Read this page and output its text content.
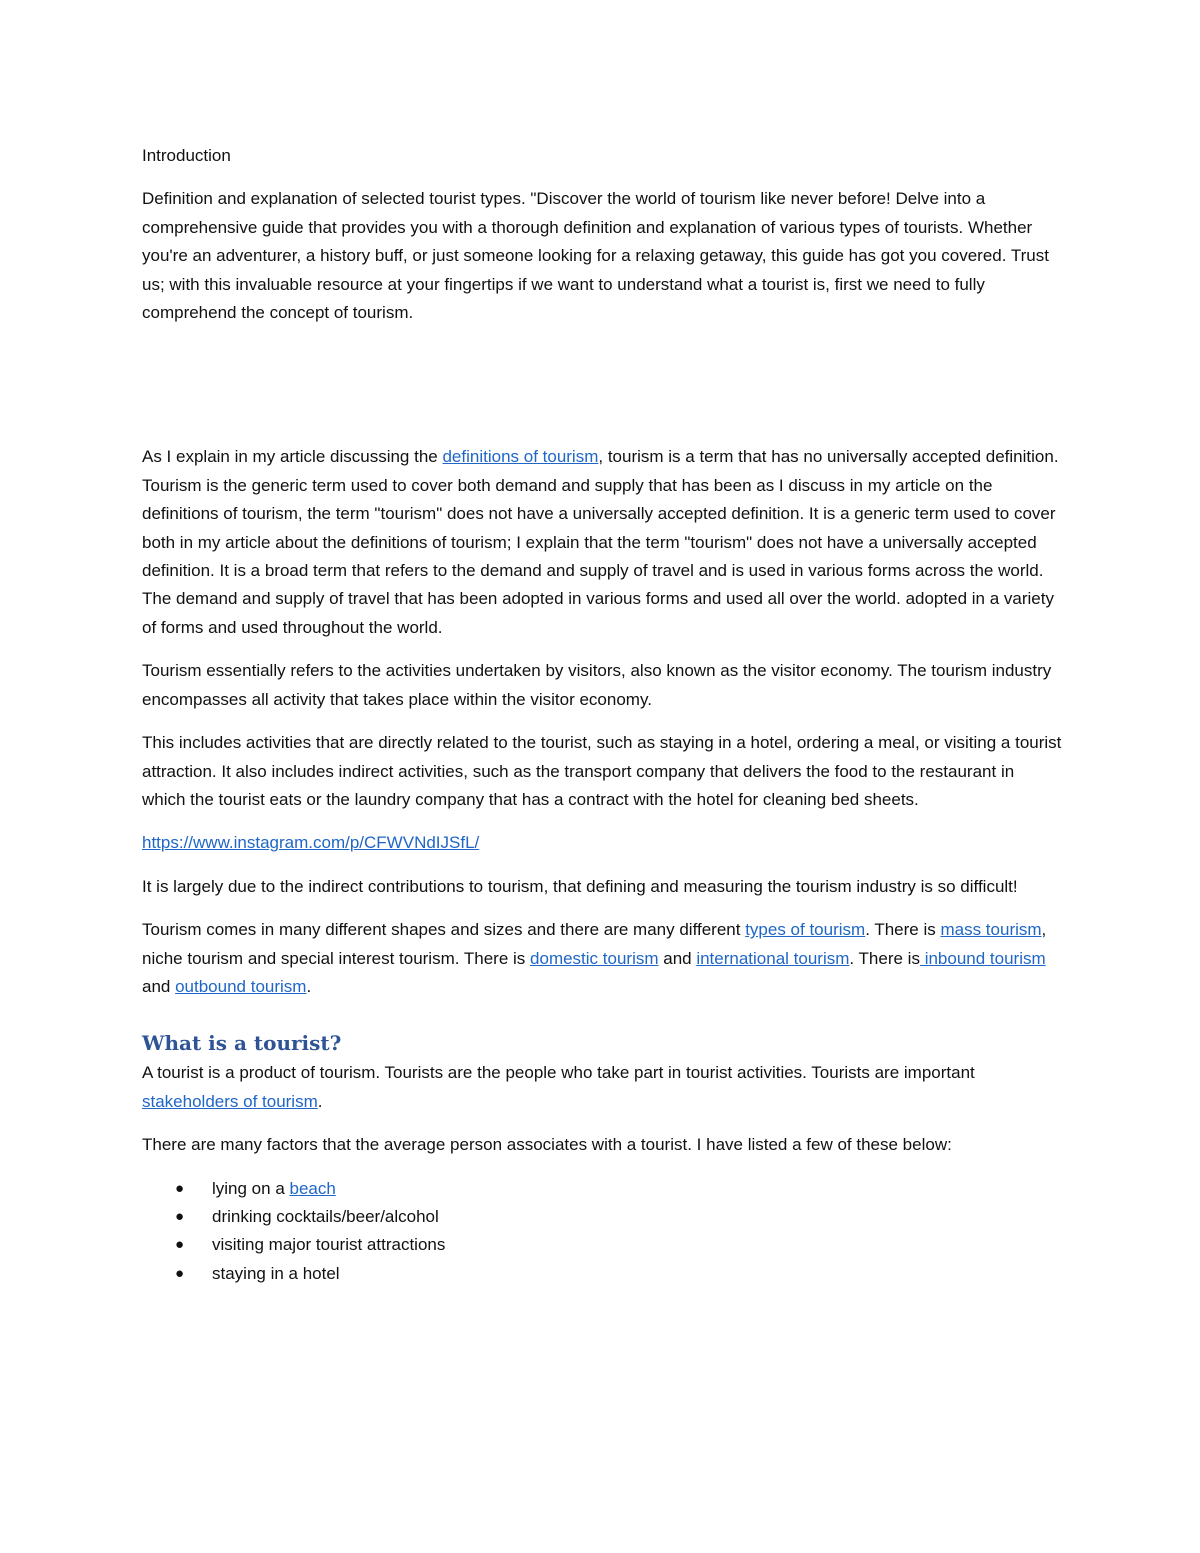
Introduction

Definition and explanation of selected tourist types. "Discover the world of tourism like never before! Delve into a comprehensive guide that provides you with a thorough definition and explanation of various types of tourists. Whether you're an adventurer, a history buff, or just someone looking for a relaxing getaway, this guide has got you covered. Trust us; with this invaluable resource at your fingertips if we want to understand what a tourist is, first we need to fully comprehend the concept of tourism.

As I explain in my article discussing the definitions of tourism, tourism is a term that has no universally accepted definition. Tourism is the generic term used to cover both demand and supply that has been as I discuss in my article on the definitions of tourism, the term "tourism" does not have a universally accepted definition. It is a generic term used to cover both in my article about the definitions of tourism; I explain that the term "tourism" does not have a universally accepted definition. It is a broad term that refers to the demand and supply of travel and is used in various forms across the world. The demand and supply of travel that has been adopted in various forms and used all over the world. adopted in a variety of forms and used throughout the world.

Tourism essentially refers to the activities undertaken by visitors, also known as the visitor economy. The tourism industry encompasses all activity that takes place within the visitor economy.

This includes activities that are directly related to the tourist, such as staying in a hotel, ordering a meal, or visiting a tourist attraction. It also includes indirect activities, such as the transport company that delivers the food to the restaurant in which the tourist eats or the laundry company that has a contract with the hotel for cleaning bed sheets.

https://www.instagram.com/p/CFWVNdIJSfL/

It is largely due to the indirect contributions to tourism, that defining and measuring the tourism industry is so difficult!

Tourism comes in many different shapes and sizes and there are many different types of tourism. There is mass tourism, niche tourism and special interest tourism. There is domestic tourism and international tourism. There is inbound tourism and outbound tourism.

What is a tourist?

A tourist is a product of tourism. Tourists are the people who take part in tourist activities. Tourists are important stakeholders of tourism.

There are many factors that the average person associates with a tourist. I have listed a few of these below:

● lying on a beach
● drinking cocktails/beer/alcohol
● visiting major tourist attractions
● staying in a hotel
